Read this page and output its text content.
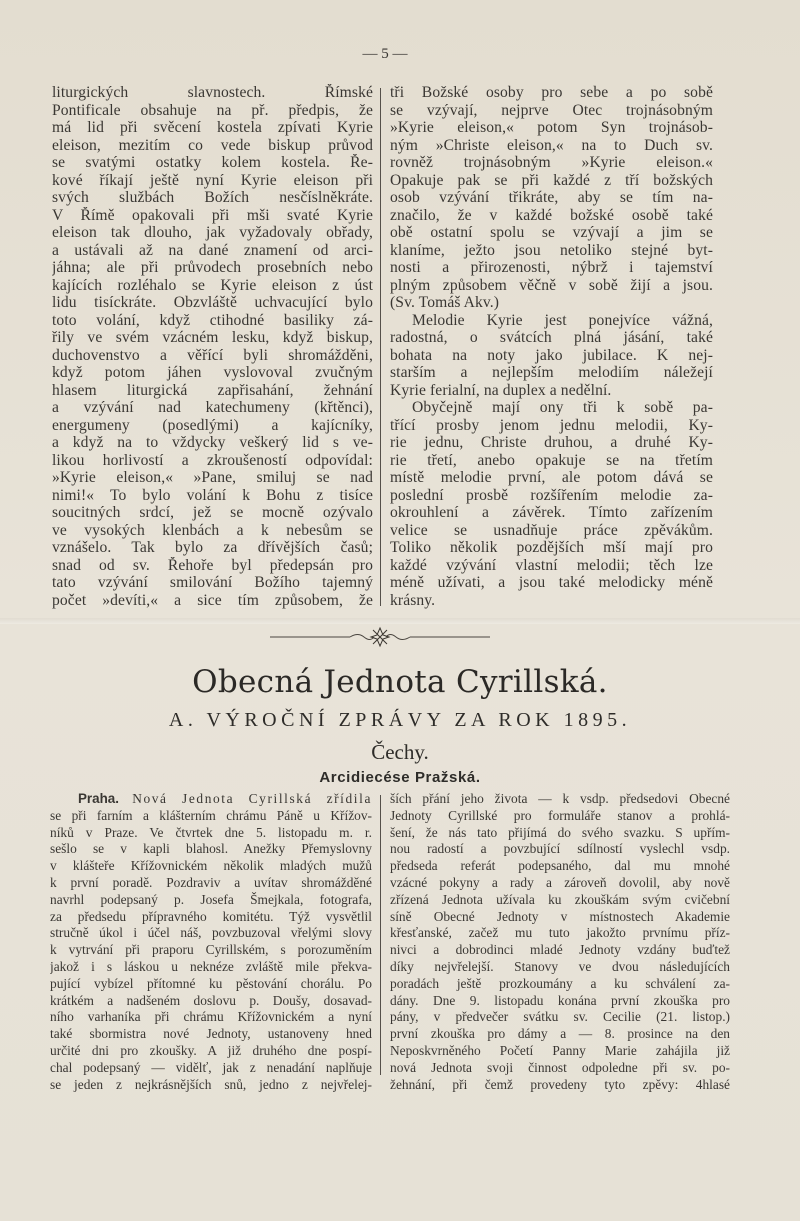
— 5 —
liturgických slavnostech. Římské
Pontificale obsahuje na př. předpis, že
má lid při svěcení kostela zpívati Kyrie
eleison, mezitím co vede biskup průvod
se svatými ostatky kolem kostela. Ře-
kové říkají ještě nyní Kyrie eleison při
svých službách Božích nesčíslněkráte.
V Římě opakovali při mši svaté Kyrie
eleison tak dlouho, jak vyžadovaly obřady,
a ustávali až na dané znamení od arci-
jáhna; ale při průvodech prosebních nebo
kajících rozléhalo se Kyrie eleison z úst
lidu tisíckráte. Obzvláště uchvacující bylo
toto volání, když ctihodné basiliky zá-
řily ve svém vzácném lesku, když biskup,
duchovenstvo a věřící byli shromážděni,
když potom jáhen vyslovoval zvučným
hlasem liturgická zapřisahání, žehnání
a vzývání nad katechumeny (křtěnci),
energumeny (posedlými) a kajícníky,
a když na to vždycky veškerý lid s ve-
likou horlivostí a zkroušeností odpovídal:
»Kyrie eleison,« »Pane, smiluj se nad
nimi!« To bylo volání k Bohu z tisíce
soucitných srdcí, jež se mocně ozývalo
ve vysokých klenbách a k nebesům se
vznášelo. Tak bylo za dřívějších časů;
snad od sv. Řehoře byl předepsán pro
tato vzývání smilování Božího tajemný
počet »devíti,« a sice tím způsobem, že
tři Božské osoby pro sebe a po sobě
se vzývají, nejprve Otec trojnásobným
»Kyrie eleison,« potom Syn trojnásob-
ným »Christe eleison,« na to Duch sv.
rovněž trojnásobným »Kyrie eleison.«
Opakuje pak se při každé z tří božských
osob vzývání třikráte, aby se tím na-
značilo, že v každé božské osobě také
obě ostatní spolu se vzývají a jim se
klaníme, ježto jsou netoliko stejné byt-
nosti a přirozenosti, nýbrž i tajemství
plným způsobem věčně v sobě žijí a jsou.
(Sv. Tomáš Akv.)
Melodie Kyrie jest ponejvíce vážná,
radostná, o svátcích plná jásání, také
bohata na noty jako jubilace. K nej-
starším a nejlepším melodiím náležejí
Kyrie ferialní, na duplex a nedělní.
Obyčejně mají ony tři k sobě pa-
třící prosby jenom jednu melodii, Ky-
rie jednu, Christe druhou, a druhé Ky-
rie třetí, anebo opakuje se na třetím
místě melodie první, ale potom dává se
poslední prosbě rozšířením melodie za-
okrouhlení a závěrek. Tímto zařízením
velice se usnadňuje práce zpěvákům.
Toliko několik pozdějších mší mají pro
každé vzývání vlastní melodii; těch lze
méně užívati, a jsou také melodicky méně
krásny.
Obecná Jednota Cyrillská.
A. VÝROČNÍ ZPRÁVY ZA ROK 1895.
Čechy.
Arcidiecése Pražská.
Praha. Nová Jednota Cyrillská zřídila
se při farním a klášterním chrámu Páně u Křížov-
níků v Praze. Ve čtvrtek dne 5. listopadu m. r.
sešlo se v kapli blahosl. Anežky Přemyslovny
v klášteře Křížovnickém několik mladých mužů
k první poradě. Pozdraviv a uvítav shromážděné
navrhl podepsaný p. Josefa Šmejkala, fotografa,
za předsedu přípravného komitétu. Týž vysvětlil
stručně úkol i účel náš, povzbuzoval vřelými slovy
k vytrvání při praporu Cyrillském, s porozuměním
jakož i s láskou u neknéze zvláště mile překva-
pující vybízel přítomné ku pěstování chorálu. Po
krátkém a nadšeném doslovu p. Doušy, dosavad-
ního varhaníka při chrámu Křížovnickém a nyní
také sbormistra nové Jednoty, ustanoveny hned
určité dni pro zkoušky. A již druhého dne pospí-
chal podepsaný — vidělť, jak z nenadání naplňuje
se jeden z nejkrásnějších snů, jedno z nejvřelej-
ších přání jeho života — k vsdp. předsedovi Obecné
Jednoty Cyrillské pro formuláře stanov a prohlá-
šení, že nás tato přijímá do svého svazku. S upřím-
nou radostí a povzbující sdílností vyslechl vsdp.
předseda referát podepsaného, dal mu mnohé
vzácné pokyny a rady a zároveň dovolil, aby nově
zřízená Jednota užívala ku zkouškám svým cvičební
síně Obecné Jednoty v místnostech Akademie
křesťanské, začež mu tuto jakožto prvnímu příz-
nivci a dobrodinci mladé Jednoty vzdány buďtež
díky nejvřelejší. Stanovy ve dvou následujících
poradách ještě prozkoumány a ku schválení za-
dány. Dne 9. listopadu konána první zkouška pro
pány, v předvečer svátku sv. Cecilie (21. listop.)
první zkouška pro dámy a — 8. prosince na den
Neposkvrněného Početí Panny Marie zahájila již
nová Jednota svoji činnost odpoledne při sv. po-
žehnání, při čemž provedeny tyto zpěvy: 4hlasé
